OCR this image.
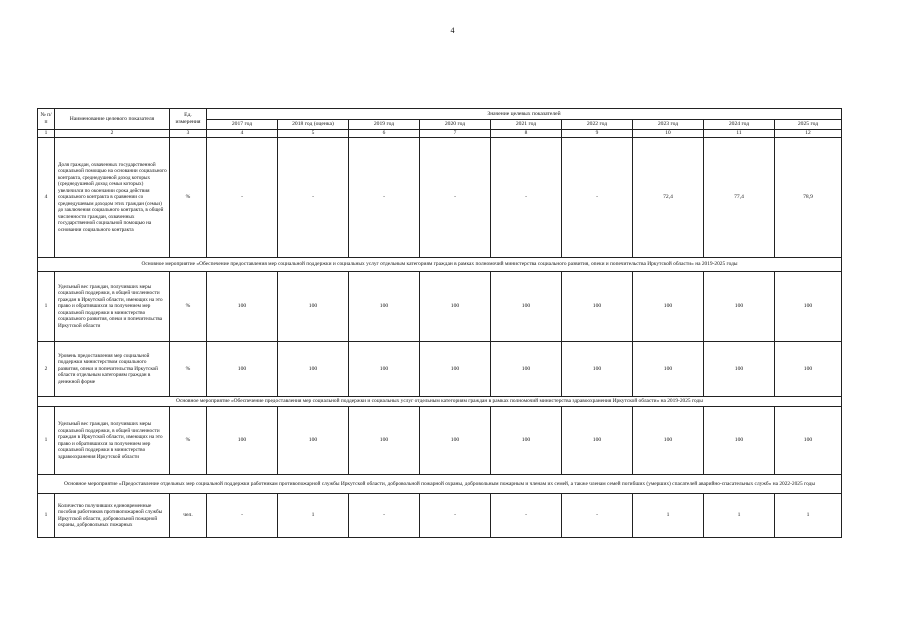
4
№ п/п	Наименование целевого показателя	Ед. измерения	Значение целевых показателей								
			2017 год	2018 год (оценка)	2019 год	2020 год	2021 год	2022 год	2023 год	2024 год	2025 год
1	2	3	4	5	6	7	8	9	10	11	12
4	Доля граждан, охваченных государственной социальной помощью на основании социального контракта, среднедушевой доход которых (среднедушевой доход семьи которых) увеличился по окончании срока действия социального контракта в сравнении со среднедушевым доходом этих граждан (семьи) до заключения социального контракта, в общей численности граждан, охваченных государственной социальной помощью на основании социального контракта	%	-	-	-	-	-	-	72,4	77,4	78,9
Основное мероприятие «Обеспечение предоставления мер социальной поддержки и социальных услуг отдельным категориям граждан в рамках полномочий министерства социального развития, опеки и попечительства Иркутской области» на 2019-2025 годы											
1	Удельный вес граждан, получивших меры социальной поддержки, в общей численности граждан в Иркутской области, имеющих на это право и обратившихся за получением мер социальной поддержки в министерство социального развития, опеки и попечительства Иркутской области	%	100	100	100	100	100	100	100	100	100
2	Уровень предоставления мер социальной поддержки министерством социального развития, опеки и попечительства Иркутской области отдельным категориям граждан в денежной форме	%	100	100	100	100	100	100	100	100	100
Основное мероприятие «Обеспечение предоставления мер социальной поддержки и социальных услуг отдельным категориям граждан в рамках полномочий министерства здравоохранения Иркутской области» на 2019-2025 годы											
1	Удельный вес граждан, получивших меры социальной поддержки, в общей численности граждан в Иркутской области, имеющих на это право и обратившихся за получением мер социальной поддержки в министерство здравоохранения Иркутской области	%	100	100	100	100	100	100	100	100	100
Основное мероприятие «Предоставление отдельных мер социальной поддержки работникам противопожарной службы Иркутской области, добровольной пожарной охраны, добровольным пожарным и членам их семей, а также членам семей погибших (умерших) спасателей аварийно-спасательных служб» на 2022-2025 годы											
1	Количество получивших единовременные пособия работников противопожарной службы Иркутской области, добровольной пожарной охраны, добровольных пожарных	чел.	-	1	-	-	-	-	1	1	1
